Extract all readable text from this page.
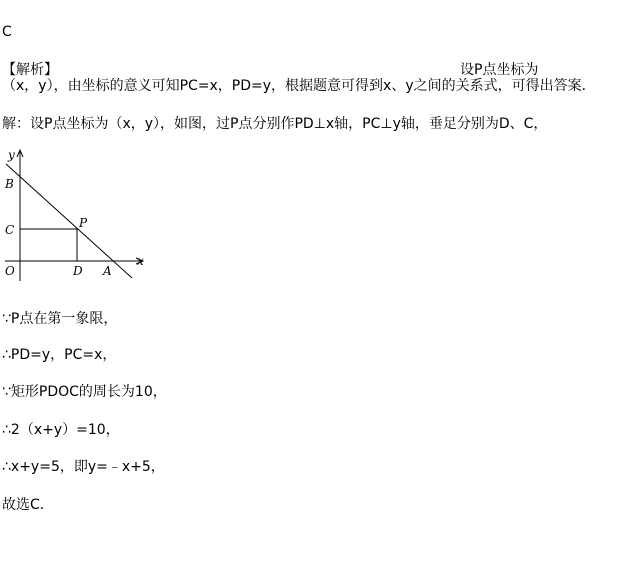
C
【解析】	设P点坐标为
（x，y），由坐标的意义可知PC=x，PD=y，根据题意可得到x、y之间的关系式，可得出答案．
解：设P点坐标为（x，y），如图，过P点分别作PD⊥x轴，PC⊥y轴，垂足分别为D、C，
y
x
B
C	P
O	D A
∵P点在第一象限，
∴PD=y，PC=x，
∵矩形PDOC的周长为10，
∴2（x+y）=10，
∴x+y=5，即y=﹣x+5，
故选C．
